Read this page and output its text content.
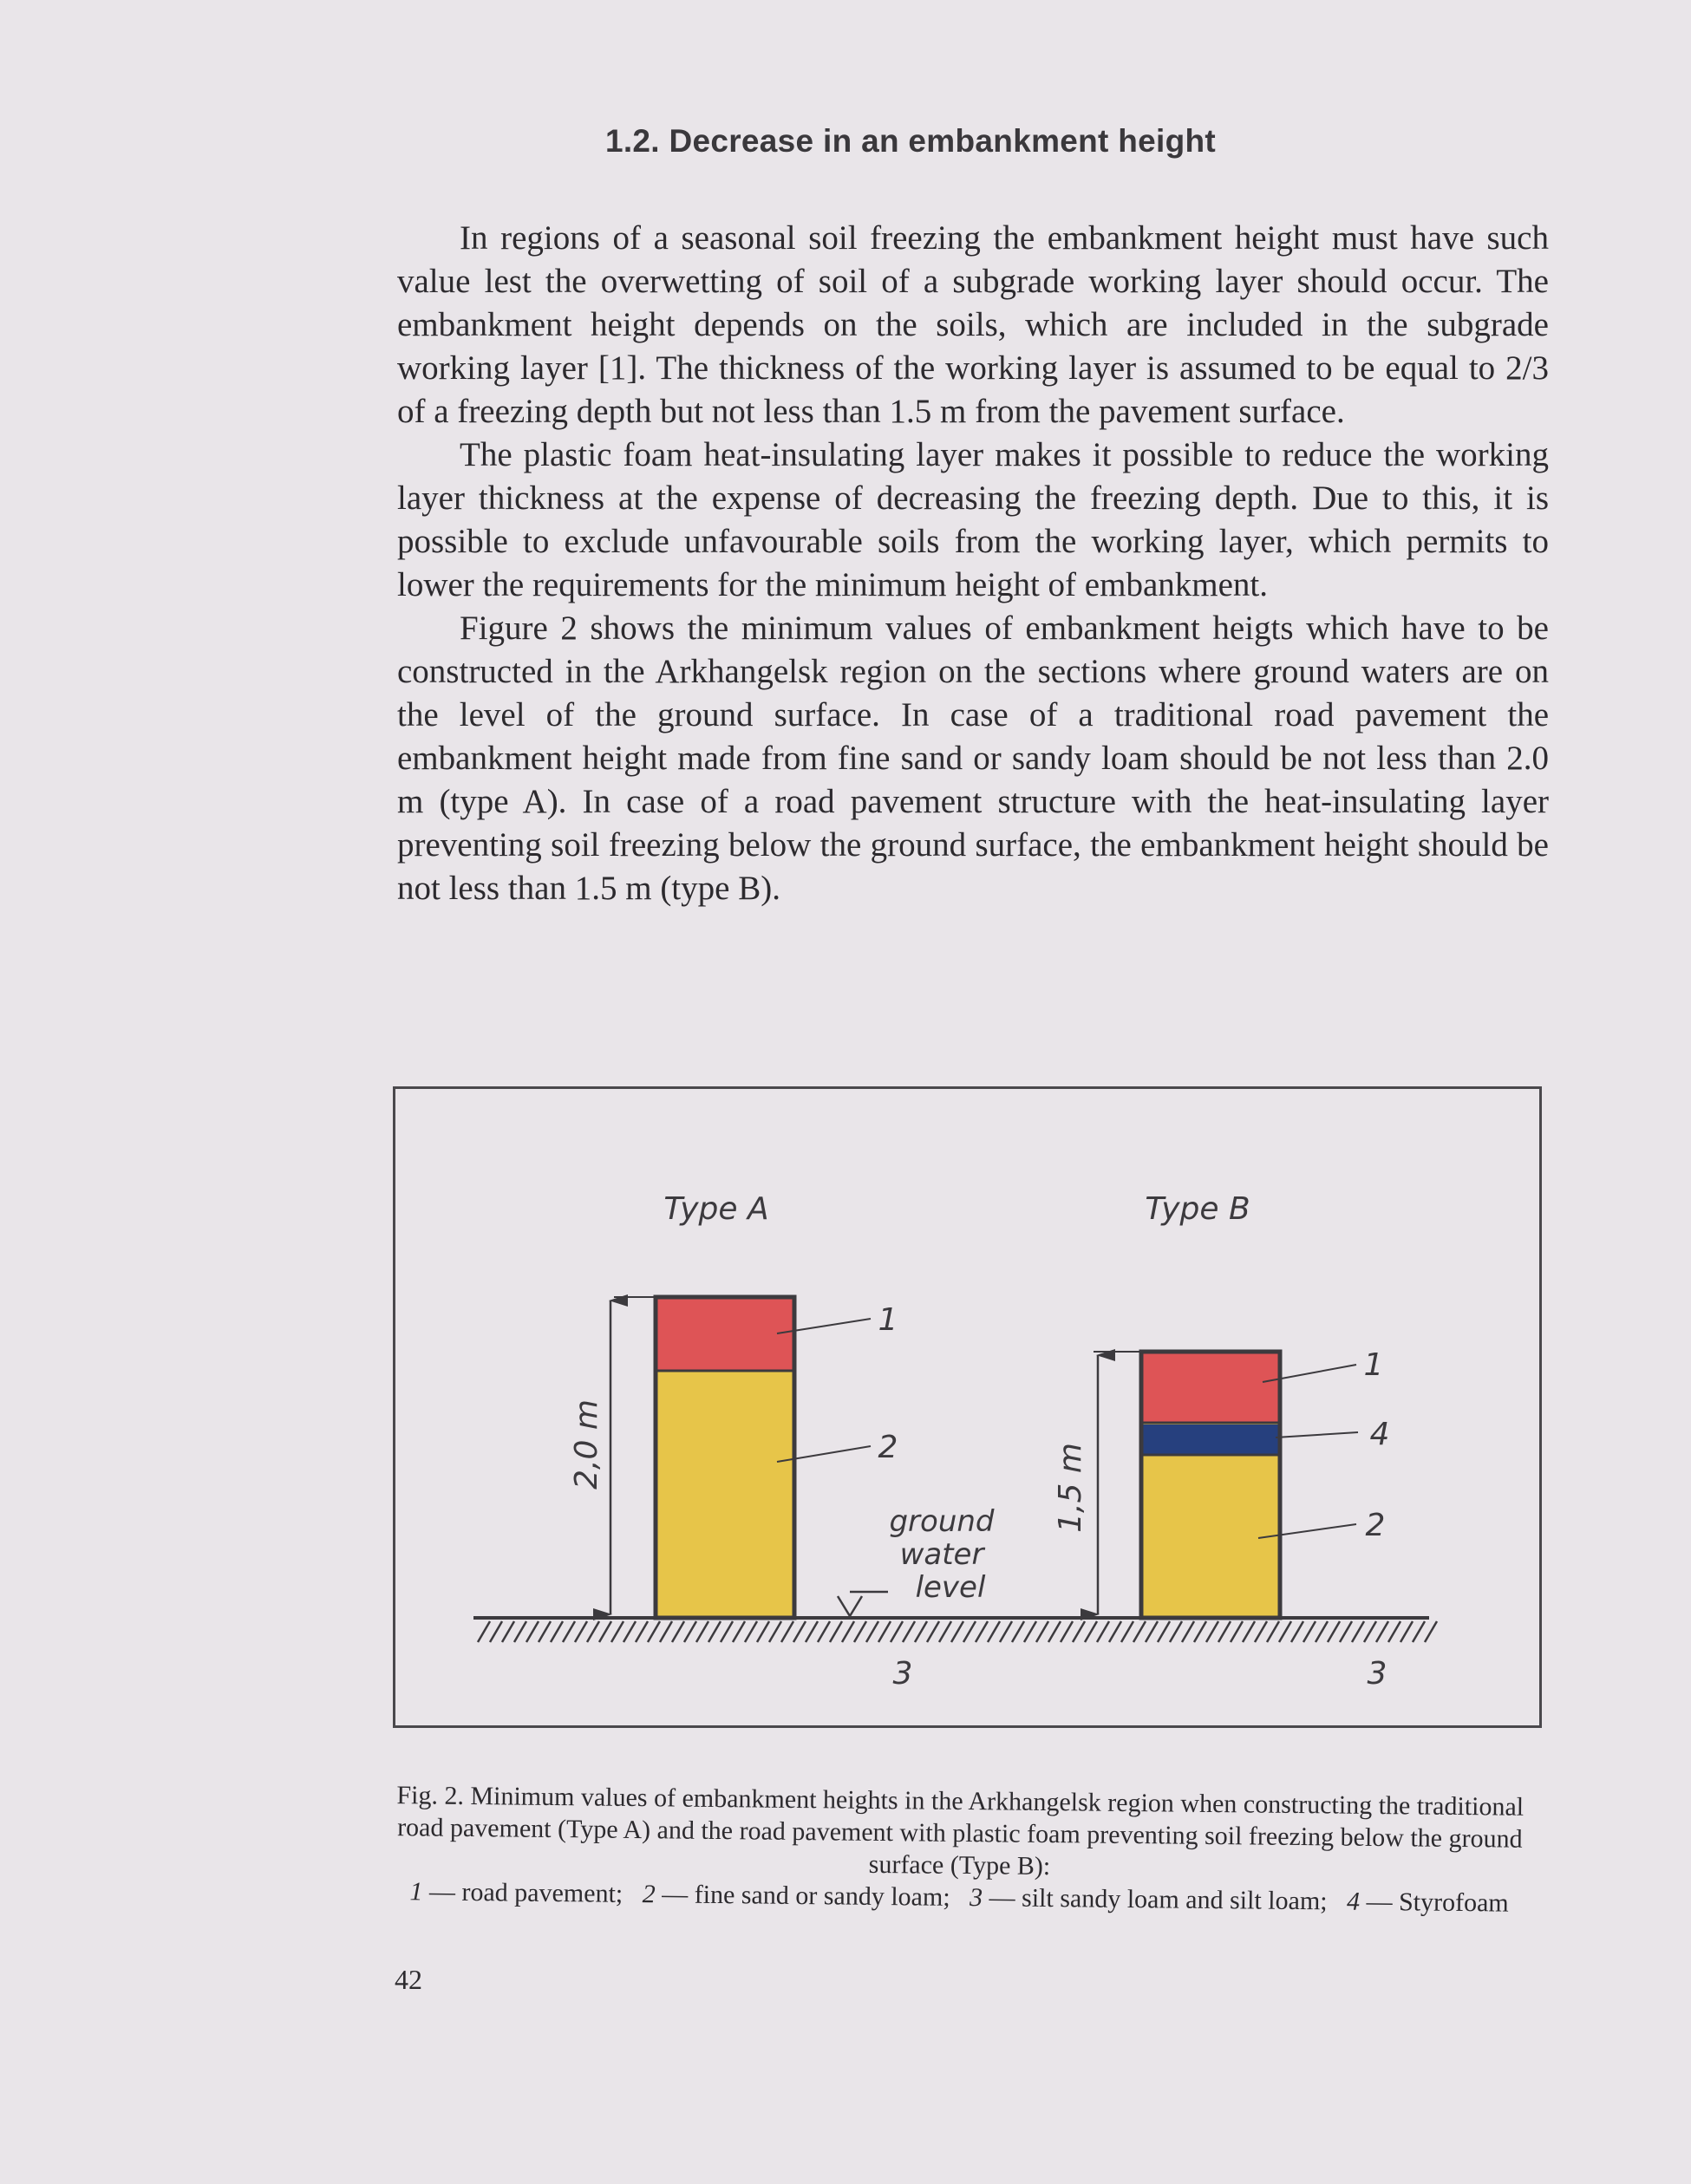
1.2. Decrease in an embankment height

In regions of a seasonal soil freezing the embankment height must have such value lest the overwetting of soil of a subgrade working layer should occur. The embankment height depends on the soils, which are included in the subgrade working layer [1]. The thickness of the working layer is assumed to be equal to 2/3 of a freezing depth but not less than 1.5 m from the pavement surface.

The plastic foam heat-insulating layer makes it possible to reduce the working layer thickness at the expense of decreasing the freezing depth. Due to this, it is possible to exclude unfavourable soils from the working layer, which permits to lower the requirements for the minimum height of embankment.

Figure 2 shows the minimum values of embankment heigts which have to be constructed in the Arkhangelsk region on the sections where ground waters are on the level of the ground surface. In case of a traditional road pavement the embankment height made from fine sand or sandy loam should be not less than 2.0 m (type A). In case of a road pavement structure with the heat-insulating layer preventing soil freezing below the ground surface, the embankment height should be not less than 1.5 m (type B).

Type A	Type B
2,0 m
1
2
ground
water
level
1,5 m
1
4
2
3	3
Fig. 2. Minimum values of embankment heights in the Arkhangelsk region when constructing the traditional road pavement (Type A) and the road pavement with plastic foam preventing soil freezing below the ground surface (Type B):
1 — road pavement; 2 — fine sand or sandy loam; 3 — silt sandy loam and silt loam; 4 — Styrofoam
42
